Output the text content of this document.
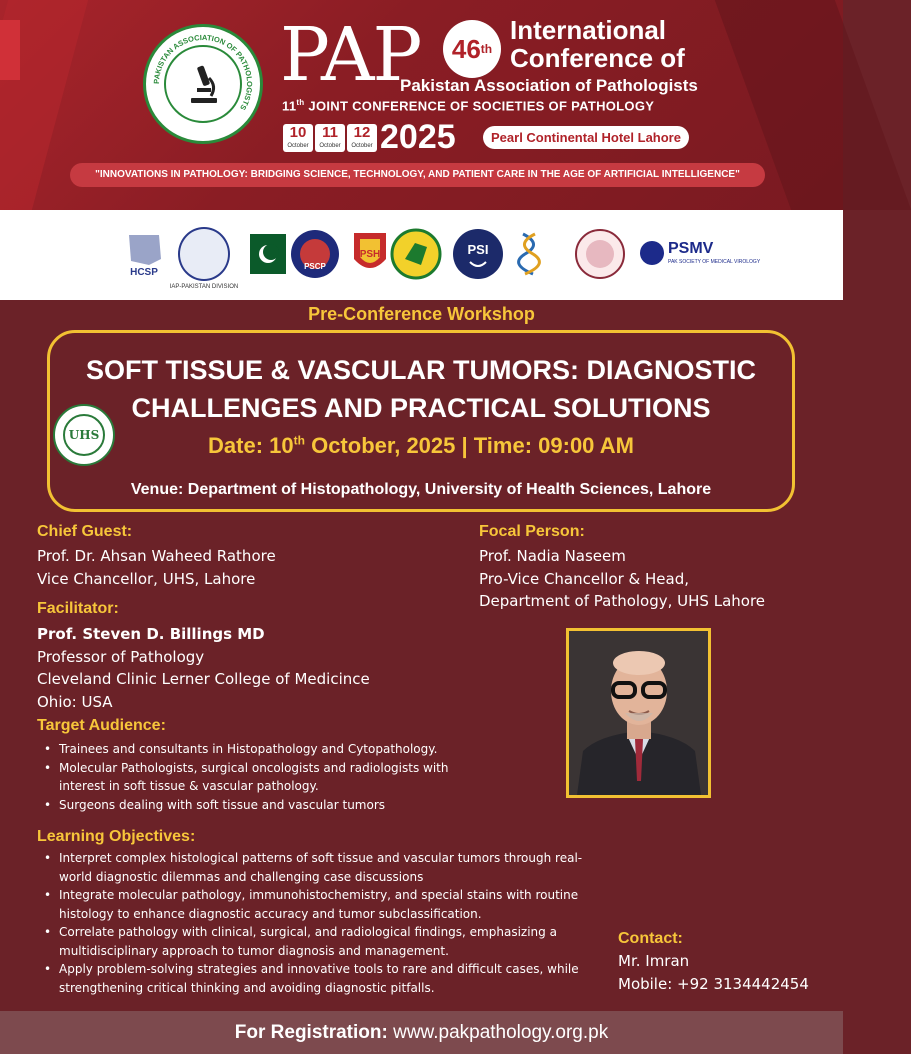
PAKISTAN ASSOCIATION OF PATHOLOGISTS
PAP 46 th
International
Conference of
Pakistan Association of Pathologists
11th JOINT CONFERENCE OF SOCIETIES OF PATHOLOGY
10
October
11
October
12
October 2025	Pearl Continental Hotel Lahore
"INNOVATIONS IN PATHOLOGY: BRIDGING SCIENCE, TECHNOLOGY, AND PATIENT CARE IN THE AGE OF ARTIFICIAL INTELLIGENCE"
HCSP
IAP-PAKISTAN DIVISION
PSCP
PSH	PSI	PSMV
PAK SOCIETY OF MEDICAL VIROLOGY
Pre-Conference Workshop
SOFT TISSUE & VASCULAR TUMORS: DIAGNOSTIC
CHALLENGES AND PRACTICAL SOLUTIONS
Date: 10th October, 2025 | Time: 09:00 AM
Venue: Department of Histopathology, University of Health Sciences, Lahore
UHS
Chief Guest:
Prof. Dr. Ahsan Waheed Rathore
Vice Chancellor, UHS, Lahore
Focal Person:
Prof. Nadia Naseem
Pro-Vice Chancellor & Head,
Department of Pathology, UHS Lahore
Facilitator:
Prof. Steven D. Billings MD
Professor of Pathology
Cleveland Clinic Lerner College of Medicince
Ohio: USA
Target Audience:
• Trainees and consultants in Histopathology and Cytopathology.
• Molecular Pathologists, surgical oncologists and radiologists with interest in soft tissue & vascular pathology.
• Surgeons dealing with soft tissue and vascular tumors
Learning Objectives:
• Interpret complex histological patterns of soft tissue and vascular tumors through real-world diagnostic dilemmas and challenging case discussions
• Integrate molecular pathology, immunohistochemistry, and special stains with routine histology to enhance diagnostic accuracy and tumor subclassification.
• Correlate pathology with clinical, surgical, and radiological findings, emphasizing a multidisciplinary approach to tumor diagnosis and management.
• Apply problem-solving strategies and innovative tools to rare and difficult cases, while strengthening critical thinking and avoiding diagnostic pitfalls.
Contact:
Mr. Imran
Mobile: +92 3134442454
For Registration: www.pakpathology.org.pk
